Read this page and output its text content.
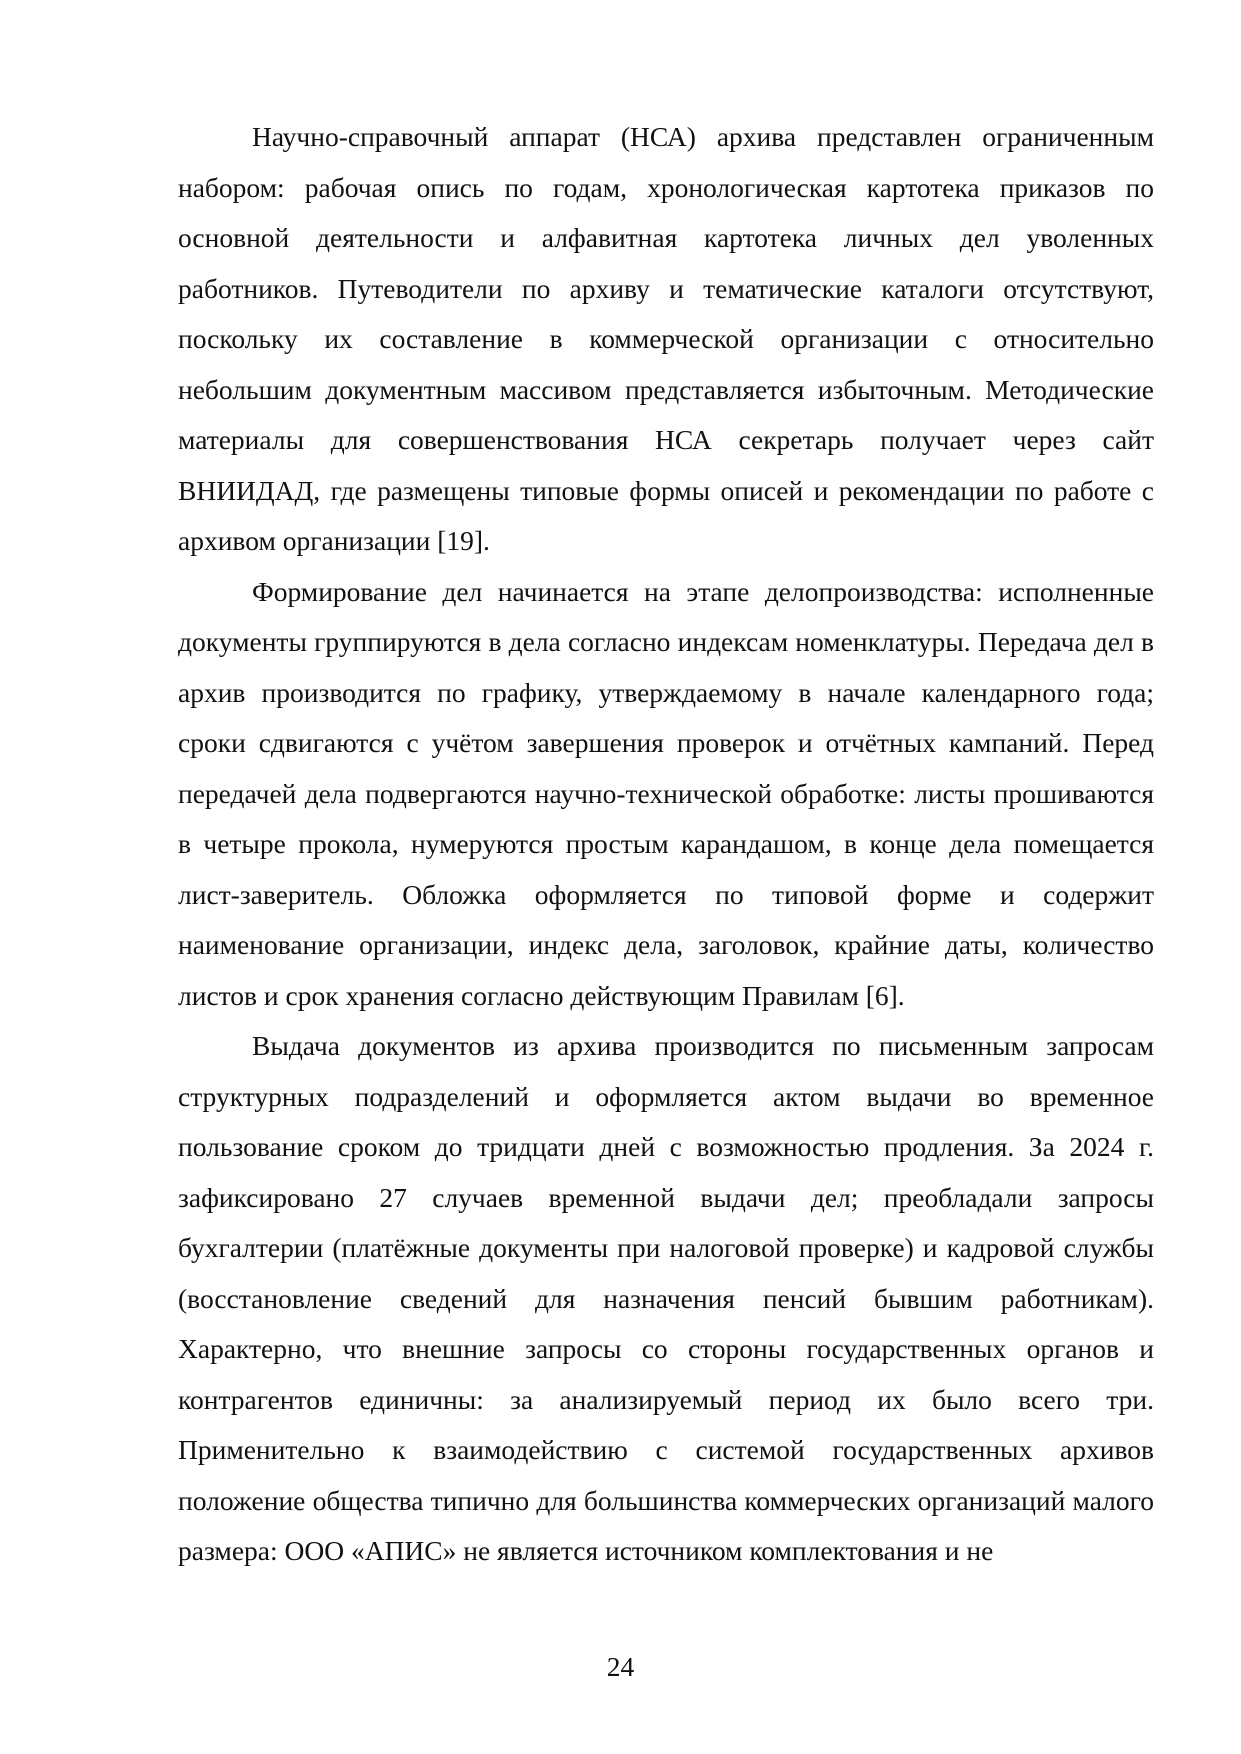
Научно-справочный аппарат (НСА) архива представлен ограниченным набором: рабочая опись по годам, хронологическая картотека приказов по основной деятельности и алфавитная картотека личных дел уволенных работников. Путеводители по архиву и тематические каталоги отсутствуют, поскольку их составление в коммерческой организации с относительно небольшим документным массивом представляется избыточным. Методические материалы для совершенствования НСА секретарь получает через сайт ВНИИДАД, где размещены типовые формы описей и рекомендации по работе с архивом организации [19].

Формирование дел начинается на этапе делопроизводства: исполненные документы группируются в дела согласно индексам номенклатуры. Передача дел в архив производится по графику, утверждаемому в начале календарного года; сроки сдвигаются с учётом завершения проверок и отчётных кампаний. Перед передачей дела подвергаются научно-технической обработке: листы прошиваются в четыре прокола, нумеруются простым карандашом, в конце дела помещается лист-заверитель. Обложка оформляется по типовой форме и содержит наименование организации, индекс дела, заголовок, крайние даты, количество листов и срок хранения согласно действующим Правилам [6].

Выдача документов из архива производится по письменным запросам структурных подразделений и оформляется актом выдачи во временное пользование сроком до тридцати дней с возможностью продления. За 2024 г. зафиксировано 27 случаев временной выдачи дел; преобладали запросы бухгалтерии (платёжные документы при налоговой проверке) и кадровой службы (восстановление сведений для назначения пенсий бывшим работникам). Характерно, что внешние запросы со стороны государственных органов и контрагентов единичны: за анализируемый период их было всего три. Применительно к взаимодействию с системой государственных архивов положение общества типично для большинства коммерческих организаций малого размера: ООО «АПИС» не является источником комплектования и не

24
